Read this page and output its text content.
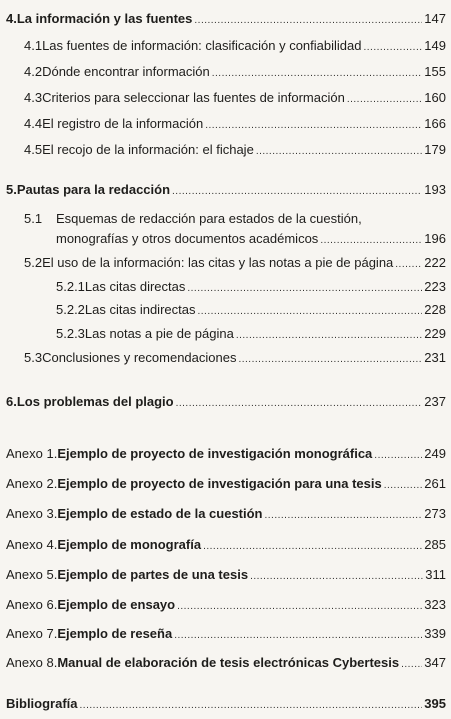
4. La información y las fuentes .....	147
4.1 Las fuentes de información: clasificación y confiabilidad .....	149
4.2 Dónde encontrar información .....	155
4.3 Criterios para seleccionar las fuentes de información .....	160
4.4 El registro de la información .....	166
4.5 El recojo de la información: el fichaje .....	179
5. Pautas para la redacción .....	193
5.1	Esquemas de redacción para estados de la cuestión,
monografías y otros documentos académicos .....	196
5.2 El uso de la información: las citas y las notas a pie de página ..... 222
5.2.1 Las citas directas .....	223
5.2.2 Las citas indirectas .....	228
5.2.3 Las notas a pie de página .....	229
5.3 Conclusiones y recomendaciones .....	231
6. Los problemas del plagio .....	237
Anexo 1. Ejemplo de proyecto de investigación monográfica .....	249
Anexo 2. Ejemplo de proyecto de investigación para una tesis .....	261
Anexo 3. Ejemplo de estado de la cuestión .....	273
Anexo 4. Ejemplo de monografía .....	285
Anexo 5. Ejemplo de partes de una tesis .....	311
Anexo 6. Ejemplo de ensayo .....	323
Anexo 7. Ejemplo de reseña .....	339
Anexo 8. Manual de elaboración de tesis electrónicas Cybertesis ..... 347
Bibliografía .....	395
